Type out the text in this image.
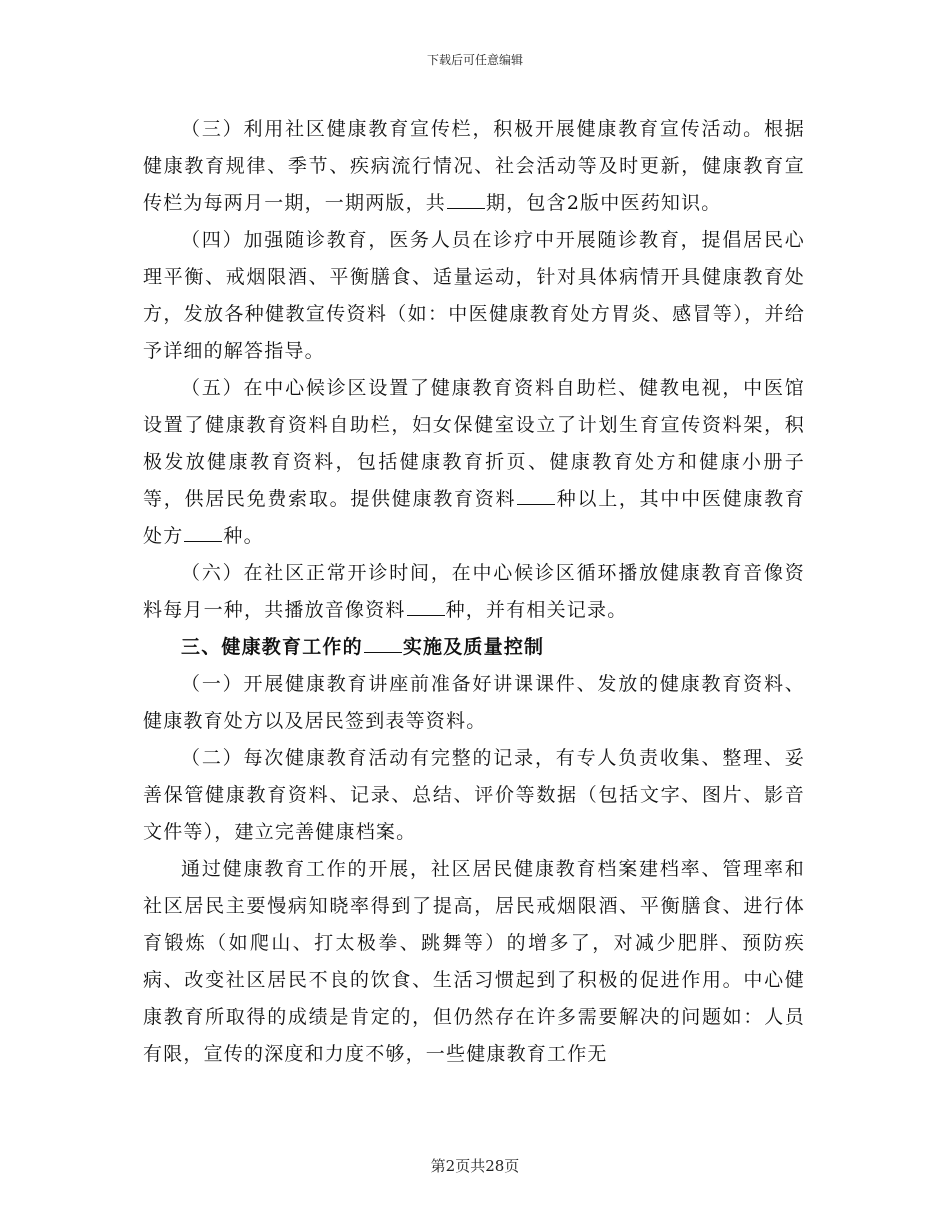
下载后可任意编辑

（三）利用社区健康教育宣传栏，积极开展健康教育宣传活动。根据健康教育规律、季节、疾病流行情况、社会活动等及时更新，健康教育宣传栏为每两月一期，一期两版，共 期，包含2版中医药知识。

（四）加强随诊教育，医务人员在诊疗中开展随诊教育，提倡居民心理平衡、戒烟限酒、平衡膳食、适量运动，针对具体病情开具健康教育处方，发放各种健教宣传资料（如：中医健康教育处方胃炎、感冒等），并给予详细的解答指导。

（五）在中心候诊区设置了健康教育资料自助栏、健教电视，中医馆设置了健康教育资料自助栏，妇女保健室设立了计划生育宣传资料架，积极发放健康教育资料，包括健康教育折页、健康教育处方和健康小册子等，供居民免费索取。提供健康教育资料 种以上，其中中医健康教育处方 种。

（六）在社区正常开诊时间，在中心候诊区循环播放健康教育音像资料每月一种，共播放音像资料 种，并有相关记录。

三、健康教育工作的 实施及质量控制

（一）开展健康教育讲座前准备好讲课课件、发放的健康教育资料、健康教育处方以及居民签到表等资料。

（二）每次健康教育活动有完整的记录，有专人负责收集、整理、妥善保管健康教育资料、记录、总结、评价等数据（包括文字、图片、影音文件等），建立完善健康档案。

通过健康教育工作的开展，社区居民健康教育档案建档率、管理率和社区居民主要慢病知晓率得到了提高，居民戒烟限酒、平衡膳食、进行体育锻炼（如爬山、打太极拳、跳舞等）的增多了，对减少肥胖、预防疾病、改变社区居民不良的饮食、生活习惯起到了积极的促进作用。中心健康教育所取得的成绩是肯定的，但仍然存在许多需要解决的问题如：人员有限，宣传的深度和力度不够，一些健康教育工作无

第2页共28页
